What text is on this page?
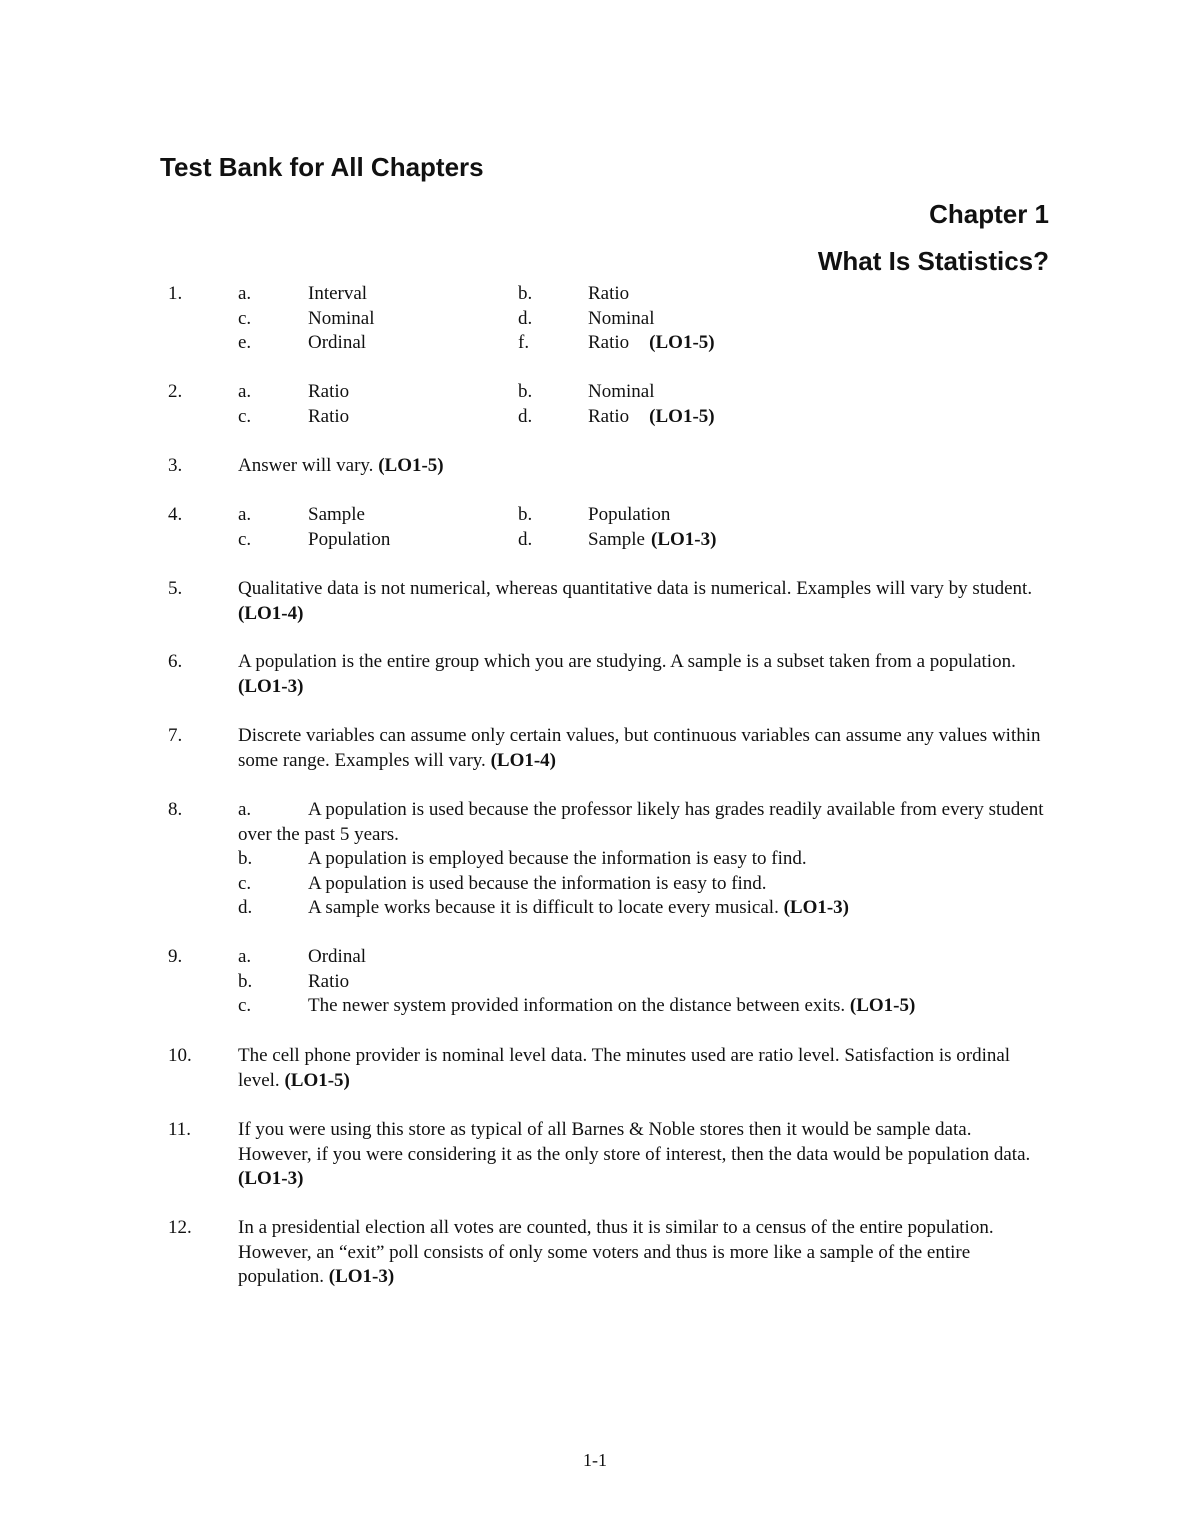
Test Bank for All Chapters
Chapter 1
What Is Statistics?
1.	a.	Interval	b.	Ratio
c.	Nominal	d.	Nominal
e.	Ordinal	f.	Ratio (LO1-5)
2.	a.	Ratio	b.	Nominal
c.	Ratio	d.	Ratio (LO1-5)
3.	Answer will vary. (LO1-5)

4.	a.	Sample	b.	Population
c.	Population	d.	Sample (LO1-3)
5.	Qualitative data is not numerical, whereas quantitative data is numerical. Examples will vary by student. (LO1-4)

6.	A population is the entire group which you are studying. A sample is a subset taken from a population. (LO1-3)

7.	Discrete variables can assume only certain values, but continuous variables can assume any values within some range. Examples will vary. (LO1-4)

8.	a.	A population is used because the professor likely has grades readily available from every student over the past 5 years.

b.	A population is employed because the information is easy to find.

c.	A population is used because the information is easy to find.

d.	A sample works because it is difficult to locate every musical. (LO1-3)

9.	a.	Ordinal

b.	Ratio

c.	The newer system provided information on the distance between exits. (LO1-5)

10. The cell phone provider is nominal level data. The minutes used are ratio level. Satisfaction is ordinal level. (LO1-5)

11. If you were using this store as typical of all Barnes & Noble stores then it would be sample data. However, if you were considering it as the only store of interest, then the data would be population data. (LO1-3)

12. In a presidential election all votes are counted, thus it is similar to a census of the entire population. However, an “exit” poll consists of only some voters and thus is more like a sample of the entire population. (LO1-3)

1-1
